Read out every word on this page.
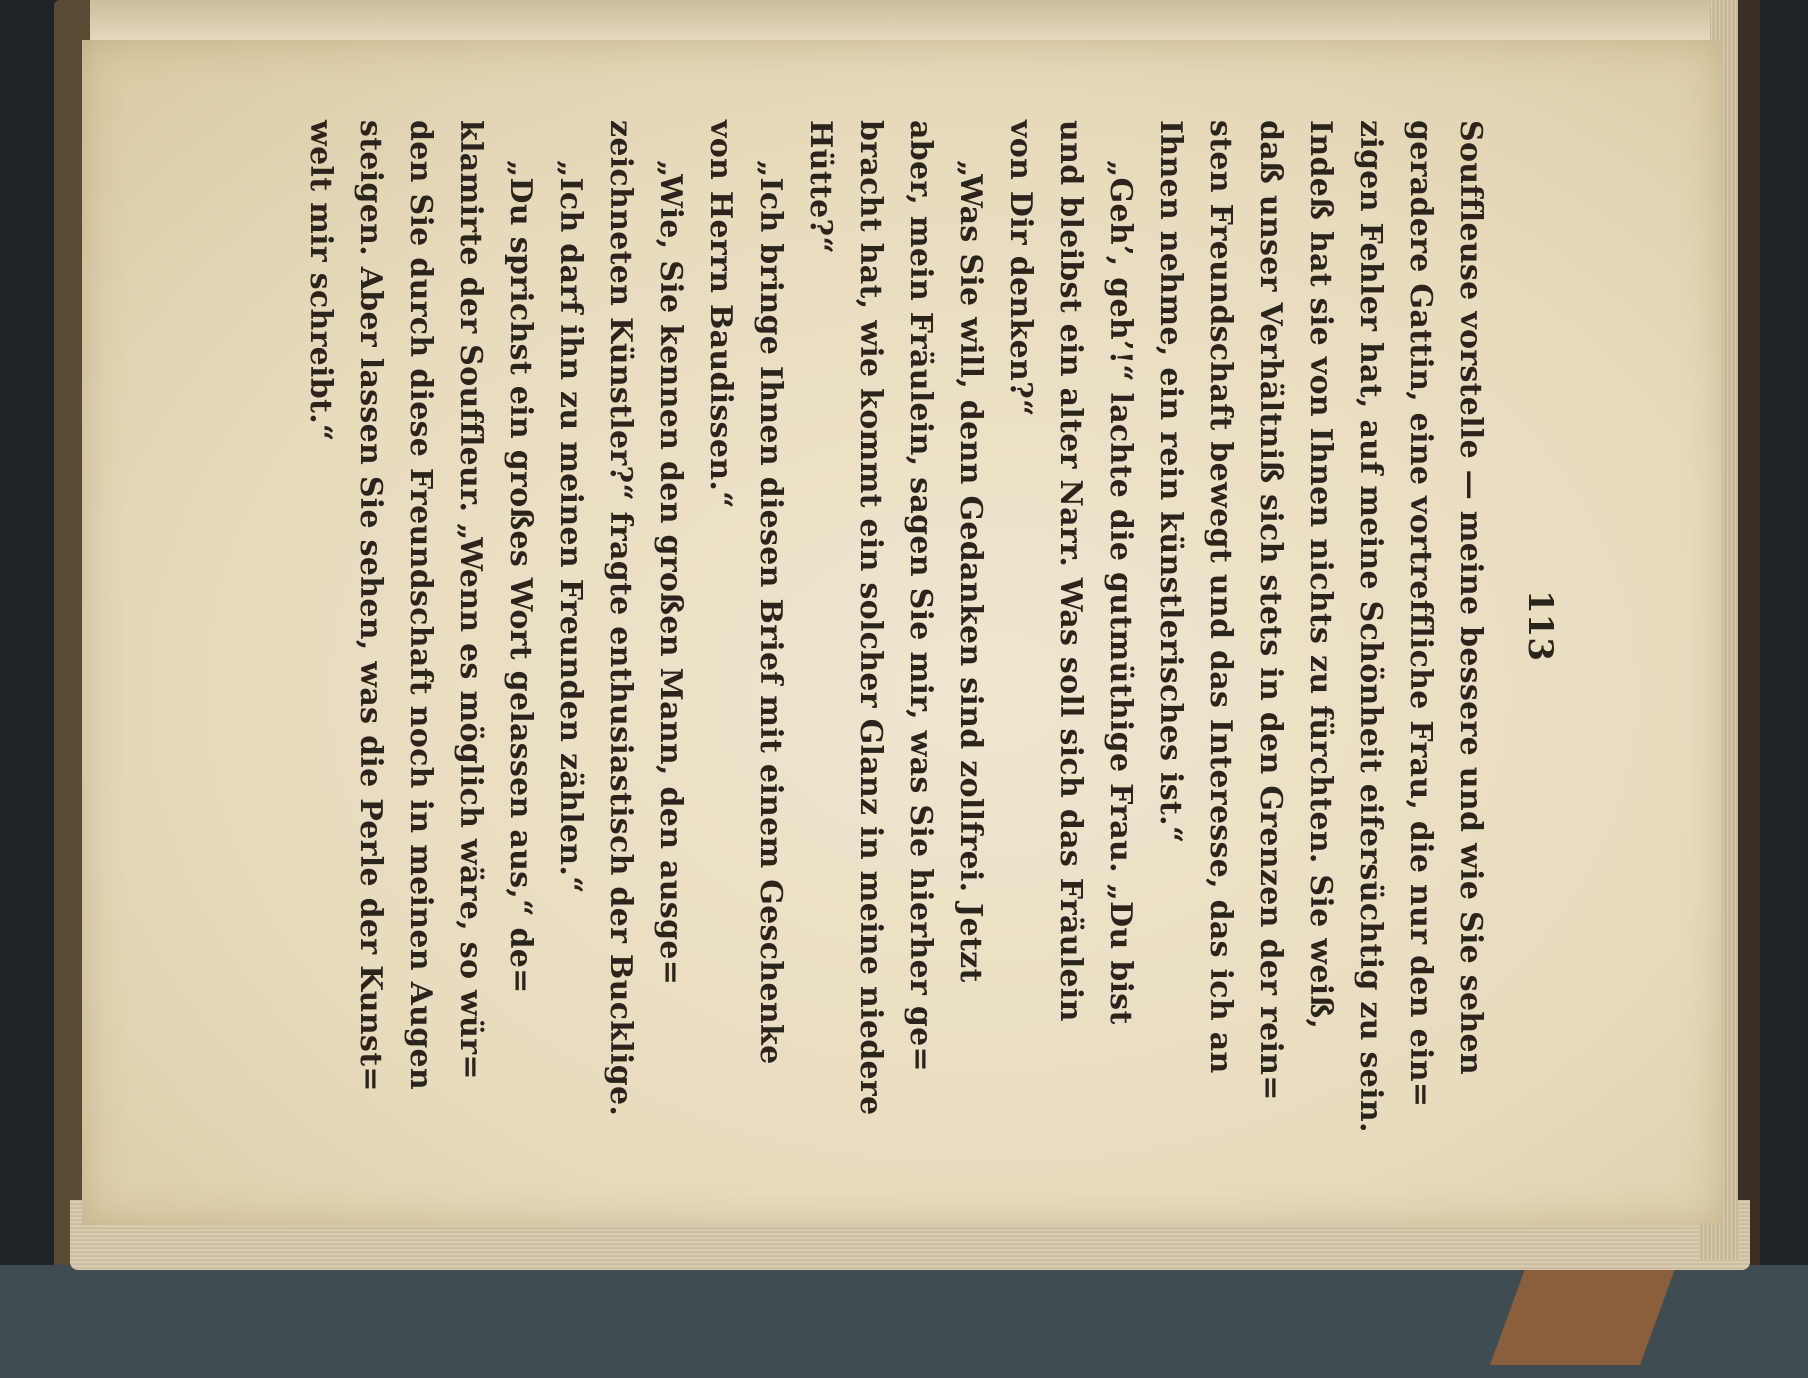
113

Souffleuse vorstelle — meine bessere und wie Sie sehen
geradere Gattin, eine vortreffliche Frau, die nur den ein=
zigen Fehler hat, auf meine Schönheit eifersüchtig zu sein.
Indeß hat sie von Ihnen nichts zu fürchten. Sie weiß,
daß unser Verhältniß sich stets in den Grenzen der rein=
sten Freundschaft bewegt und das Interesse, das ich an
Ihnen nehme, ein rein künstlerisches ist.“

„Geh’, geh’!“ lachte die gutmüthige Frau. „Du bist
und bleibst ein alter Narr. Was soll sich das Fräulein
von Dir denken?“

„Was Sie will, denn Gedanken sind zollfrei. Jetzt
aber, mein Fräulein, sagen Sie mir, was Sie hierher ge=
bracht hat, wie kommt ein solcher Glanz in meine niedere
Hütte?“

„Ich bringe Ihnen diesen Brief mit einem Geschenke
von Herrn Baudissen.“

„Wie, Sie kennen den großen Mann, den ausge=
zeichneten Künstler?“ fragte enthusiastisch der Bucklige.

„Ich darf ihn zu meinen Freunden zählen.“

„Du sprichst ein großes Wort gelassen aus,“ de=
klamirte der Souffleur. „Wenn es möglich wäre, so wür=
den Sie durch diese Freundschaft noch in meinen Augen
steigen. Aber lassen Sie sehen, was die Perle der Kunst=
welt mir schreibt.“
